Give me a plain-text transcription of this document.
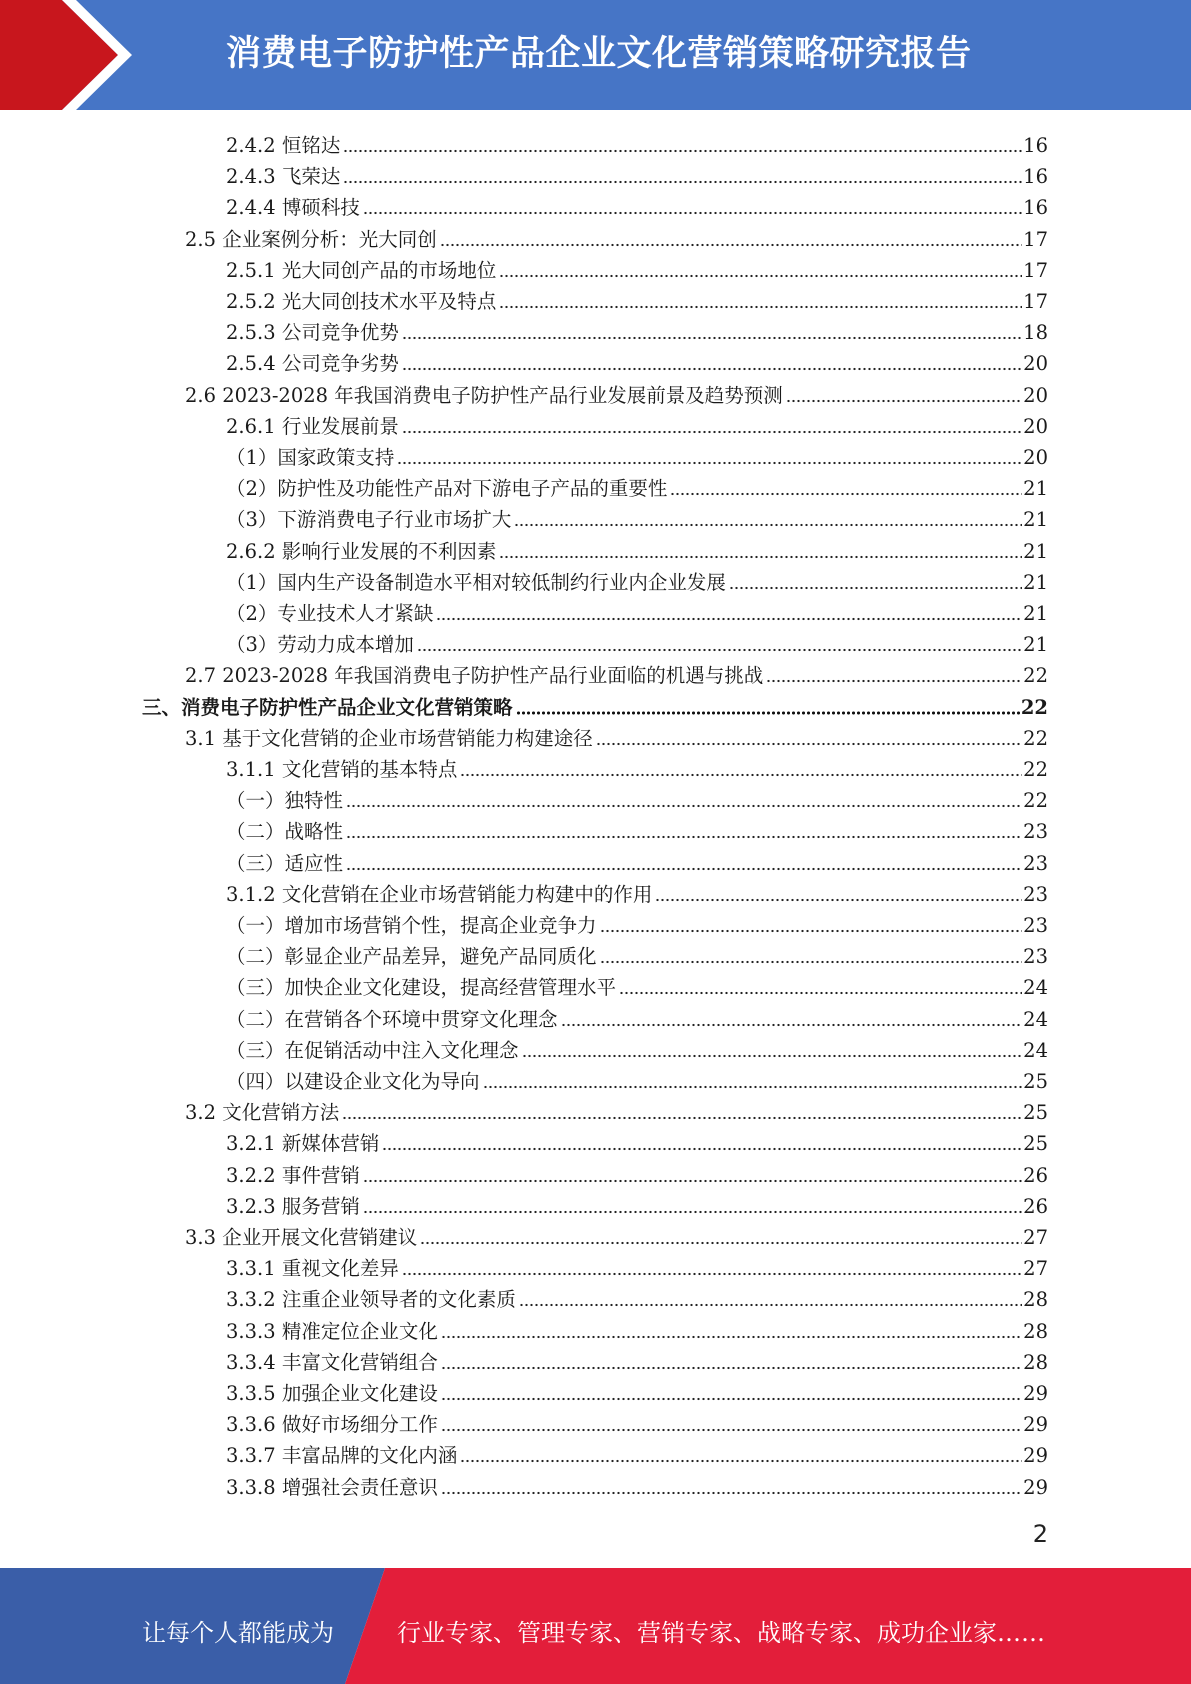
消费电子防护性产品企业文化营销策略研究报告
2.4.2 恒铭达	16
2.4.3 飞荣达	16
2.4.4 博硕科技	16
2.5 企业案例分析：光大同创	17
2.5.1 光大同创产品的市场地位	17
2.5.2 光大同创技术水平及特点	17
2.5.3 公司竞争优势	18
2.5.4 公司竞争劣势	20
2.6 2023-2028 年我国消费电子防护性产品行业发展前景及趋势预测	20
2.6.1 行业发展前景	20
（1）国家政策支持	20
（2）防护性及功能性产品对下游电子产品的重要性	21
（3）下游消费电子行业市场扩大	21
2.6.2 影响行业发展的不利因素	21
（1）国内生产设备制造水平相对较低制约行业内企业发展	21
（2）专业技术人才紧缺	21
（3）劳动力成本增加	21
2.7 2023-2028 年我国消费电子防护性产品行业面临的机遇与挑战	22
三、消费电子防护性产品企业文化营销策略	22
3.1 基于文化营销的企业市场营销能力构建途径	22
3.1.1 文化营销的基本特点	22
（一）独特性	22
（二）战略性	23
（三）适应性	23
3.1.2 文化营销在企业市场营销能力构建中的作用	23
（一）增加市场营销个性，提高企业竞争力	23
（二）彰显企业产品差异，避免产品同质化	23
（三）加快企业文化建设，提高经营管理水平	24
（二）在营销各个环境中贯穿文化理念	24
（三）在促销活动中注入文化理念	24
（四）以建设企业文化为导向	25
3.2 文化营销方法	25
3.2.1 新媒体营销	25
3.2.2 事件营销	26
3.2.3 服务营销	26
3.3 企业开展文化营销建议	27
3.3.1 重视文化差异	27
3.3.2 注重企业领导者的文化素质	28
3.3.3 精准定位企业文化	28
3.3.4 丰富文化营销组合	28
3.3.5 加强企业文化建设	29
3.3.6 做好市场细分工作	29
3.3.7 丰富品牌的文化内涵	29
3.3.8 增强社会责任意识	29
2
让每个人都能成为	行业专家、管理专家、营销专家、战略专家、成功企业家……
